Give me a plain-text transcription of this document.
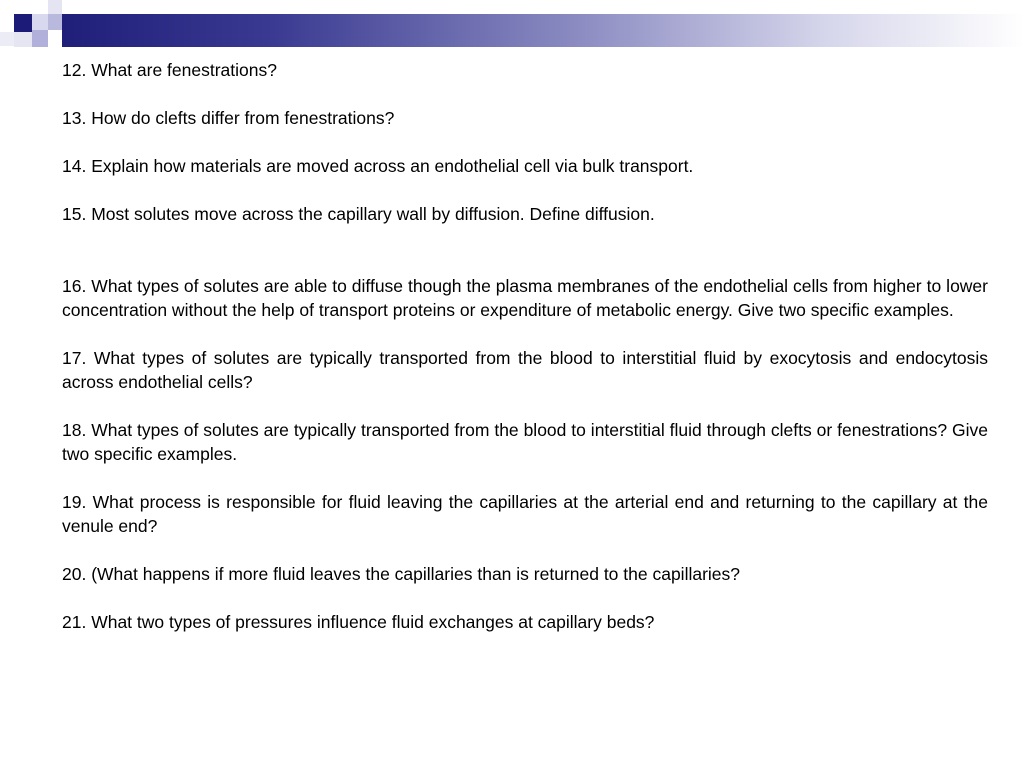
12. What are fenestrations?

13. How do clefts differ from fenestrations?

14. Explain how materials are moved across an endothelial cell via bulk transport.

15. Most solutes move across the capillary wall by diffusion. Define diffusion.

16. What types of solutes are able to diffuse though the plasma membranes of the endothelial cells from higher to lower concentration without the help of transport proteins or expenditure of metabolic energy. Give two specific examples.

17. What types of solutes are typically transported from the blood to interstitial fluid by exocytosis and endocytosis across endothelial cells?

18. What types of solutes are typically transported from the blood to interstitial fluid through clefts or fenestrations? Give two specific examples.

19. What process is responsible for fluid leaving the capillaries at the arterial end and returning to the capillary at the venule end?

20. (What happens if more fluid leaves the capillaries than is returned to the capillaries?

21. What two types of pressures influence fluid exchanges at capillary beds?
